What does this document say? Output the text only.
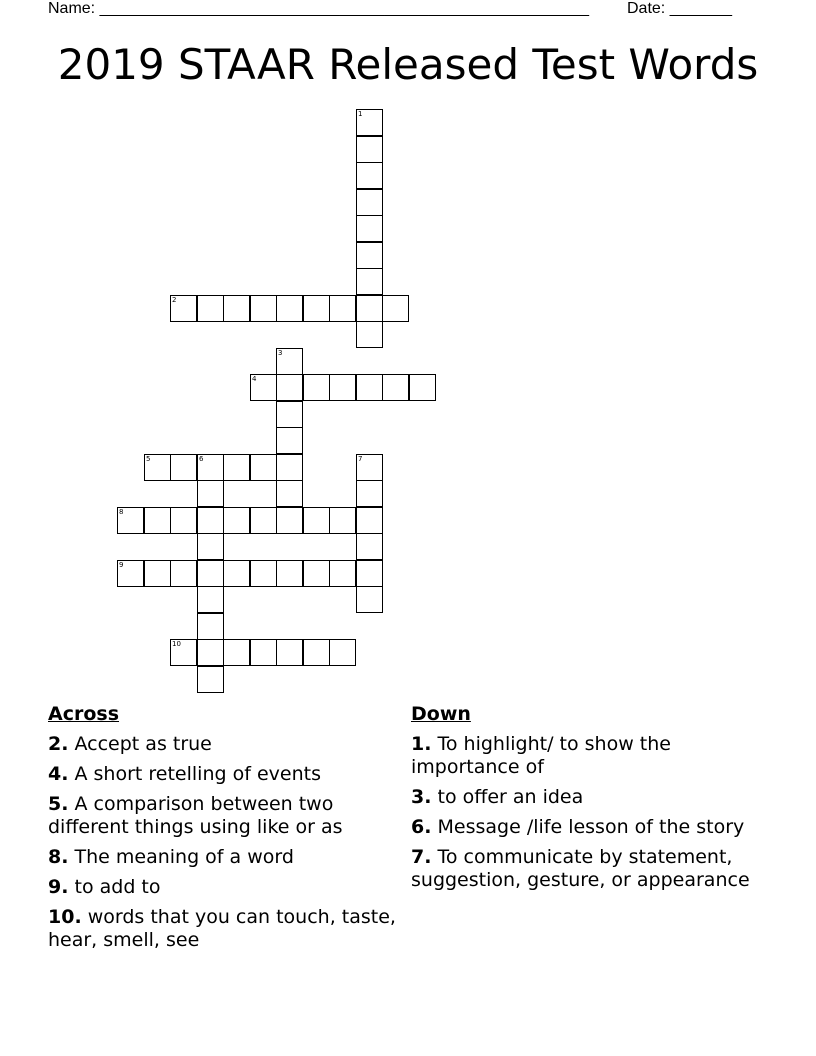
Name: _______________________________________________________ Date: _______
2019 STAAR Released Test Words
1
2
3
4
5	6	7
8
9
10
Across
2. Accept as true
4. A short retelling of events
5. A comparison between two different things using like or as
8. The meaning of a word
9. to add to
10. words that you can touch, taste, hear, smell, see
Down
1. To highlight/ to show the importance of
3. to offer an idea
6. Message /life lesson of the story
7. To communicate by statement, suggestion, gesture, or appearance
